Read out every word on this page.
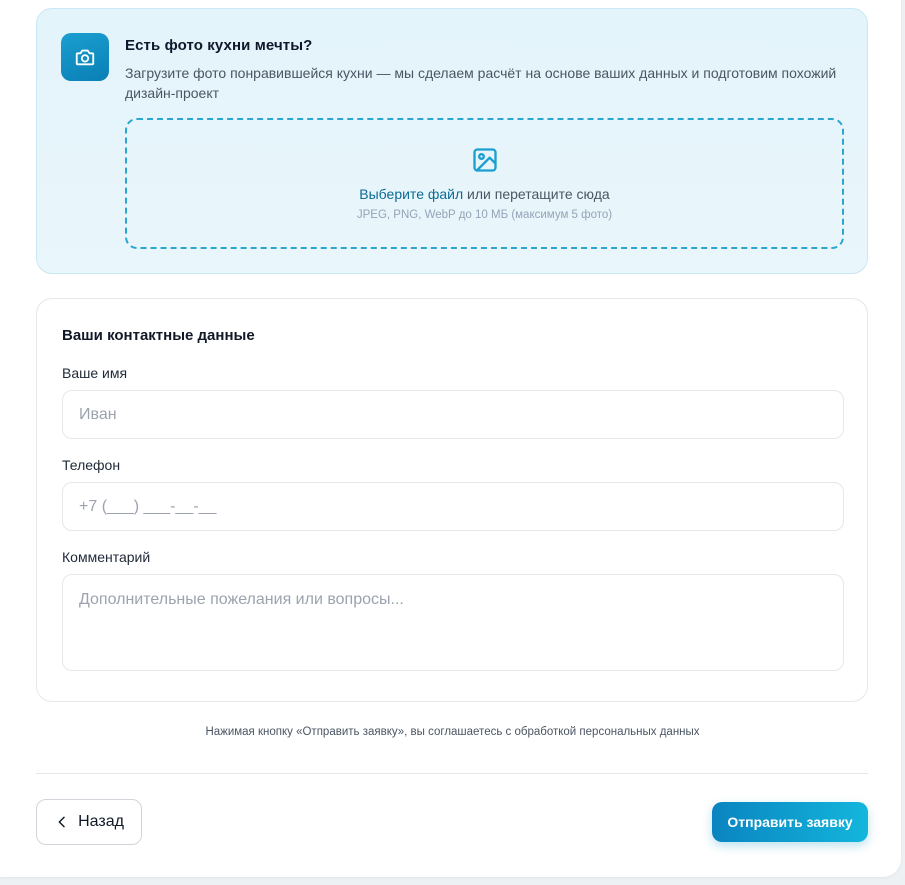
Есть фото кухни мечты?
Загрузите фото понравившейся кухни — мы сделаем расчёт на основе ваших данных и подготовим похожий дизайн-проект
Выберите файл или перетащите сюда
JPEG, PNG, WebP до 10 МБ (максимум 5 фото)
Ваши контактные данные
Ваше имя
Иван
Телефон
+7 (___) ___-__-__
Комментарий
Дополнительные пожелания или вопросы...
Нажимая кнопку «Отправить заявку», вы соглашаетесь с обработкой персональных данных
Назад	Отправить заявку
